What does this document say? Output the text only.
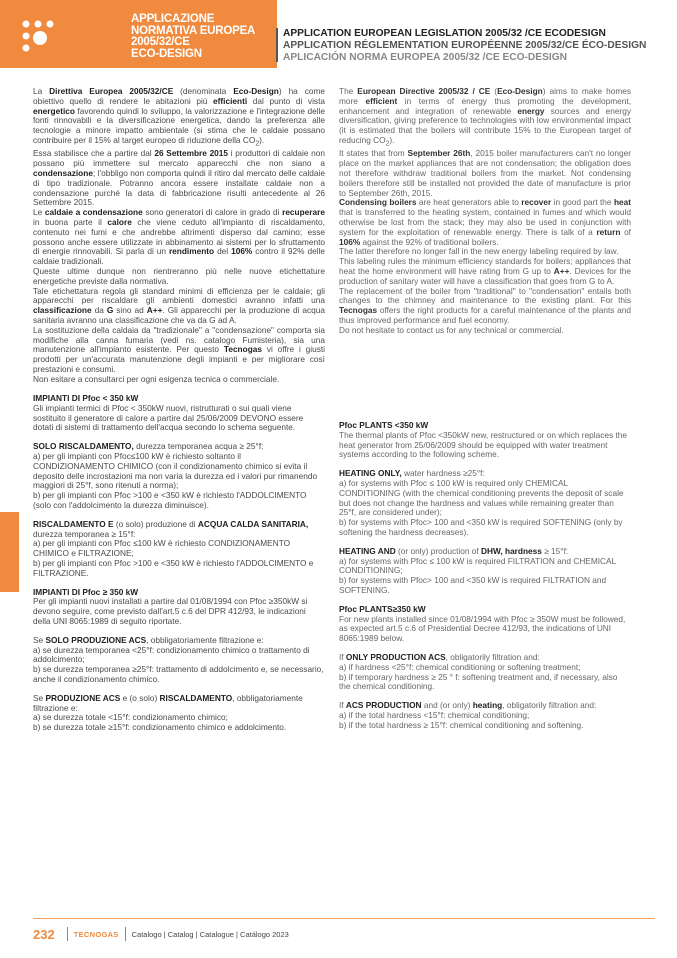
APPLICAZIONE
NORMATIVA EUROPEA
2005/32/CE
ECO-DESIGN
APPLICATION EUROPEAN LEGISLATION 2005/32 /CE ECODESIGN
APPLICATION RÉGLEMENTATION EUROPÉENNE 2005/32/CE ÉCO-DESIGN
APLICACIÓN NORMA EUROPEA 2005/32 /CE ECO-DESIGN

La Direttiva Europea 2005/32/CE (denominata Eco-Design) ha come obiettivo quello di rendere le abitazioni più efficienti dal punto di vista energetico favorendo quindi lo sviluppo, la valorizzazione e l'integrazione delle fonti rinnovabili e la diversificazione energetica, dando la preferenza alle tecnologie a minore impatto ambientale (si stima che le caldaie possano contribuire per il 15% al target europeo di riduzione della $CO_2$).

Essa stabilisce che a partire dal 26 Settembre 2015 i produttori di caldaie non possano più immettere sul mercato apparecchi che non siano a condensazione; l'obbligo non comporta quindi il ritiro dal mercato delle caldaie di tipo tradizionale. Potranno ancora essere installate caldaie non a condensazione purché la data di fabbricazione risulti antecedente al 26 Settembre 2015.

Le caldaie a condensazione sono generatori di calore in grado di recuperare in buona parte il calore che viene ceduto all'impianto di riscaldamento, contenuto nei fumi e che andrebbe altrimenti disperso dal camino; esse possono anche essere utilizzate in abbinamento ai sistemi per lo sfruttamento di energie rinnovabili. Si parla di un rendimento del 106% contro il 92% delle caldaie tradizionali.

Queste ultime dunque non rientreranno più nelle nuove etichettature energetiche previste dalla normativa.

Tale etichettatura regola gli standard minimi di efficienza per le caldaie; gli apparecchi per riscaldare gli ambienti domestici avranno infatti una classificazione da G sino ad A++. Gli apparecchi per la produzione di acqua sanitaria avranno una classificazione che va da G ad A.

La sostituzione della caldaia da "tradizionale" a "condensazione" comporta sia modifiche alla canna fumaria (vedi ns. catalogo Fumisteria), sia una manutenzione all'impianto esistente. Per questo Tecnogas vi offre i giusti prodotti per un'accurata manutenzione degli impianti e per migliorare così prestazioni e consumi.

Non esitare a consultarci per ogni esigenza tecnica o commerciale.

The European Directive 2005/32 / CE (Eco-Design) aims to make homes more efficient in terms of energy thus promoting the development, enhancement and integration of renewable energy sources and energy diversification, giving preference to technologies with low environmental impact (it is estimated that the boilers will contribute 15% to the European target of reducing $CO_2$).

It states that from September 26th, 2015 boiler manufacturers can't no longer place on the market appliances that are not condensation; the obligation does not therefore withdraw traditional boilers from the market. Not condensing boilers therefore still be installed not provided the date of manufacture is prior to September 26th, 2015.

Condensing boilers are heat generators able to recover in good part the heat that is transferred to the heating system, contained in fumes and which would otherwise be lost from the stack; they may also be used in conjunction with system for the exploitation of renewable energy. There is talk of a return of 106% against the 92% of traditional boilers.

The latter therefore no longer fall in the new energy labeling required by law.

This labeling rules the minimum efficiency standards for boilers; appliances that heat the home environment will have rating from G up to A++. Devices for the production of sanitary water will have a classification that goes from G to A.

The replacement of the boiler from "traditional" to "condensation" entails both changes to the chimney and maintenance to the existing plant. For this Tecnogas offers the right products for a careful maintenance of the plants and thus improved performance and fuel economy.

Do not hesitate to contact us for any technical or commercial.

IMPIANTI DI Pfoc < 350 kW
Gli impianti termici di Pfoc < 350kW nuovi, ristrutturati o sui quali viene sostituito il generatore di calore a partire dal 25/06/2009 DEVONO essere dotati di sistemi di trattamento dell'acqua secondo lo schema seguente.

SOLO RISCALDAMENTO, durezza temporanea acqua ≥ 25°f:
a) per gli impianti con Pfoc≤100 kW è richiesto soltanto il CONDIZIONAMENTO CHIMICO (con il condizionamento chimico si evita il deposito delle incrostazioni ma non varia la durezza ed i valori pur rimanendo maggiori di 25°f, sono ritenuti a norma);
b) per gli impianti con Pfoc >100 e <350 kW è richiesto l'ADDOLCIMENTO (solo con l'addolcimento la durezza diminuisce).

RISCALDAMENTO E (o solo) produzione di ACQUA CALDA SANITARIA, durezza temporanea ≥ 15°f:
a) per gli impianti con Pfoc ≤100 kW è richiesto CONDIZIONAMENTO CHIMICO e FILTRAZIONE;
b) per gli impianti con Pfoc >100 e <350 kW è richiesto l'ADDOLCIMENTO e FILTRAZIONE.

IMPIANTI DI Pfoc ≥ 350 kW
Per gli impianti nuovi installati a partire dal 01/08/1994 con Pfoc ≥350kW si devono seguire, come previsto dall'art.5 c.6 del DPR 412/93, le indicazioni della UNI 8065:1989 di seguito riportate.

Se SOLO PRODUZIONE ACS, obbligatoriamente filtrazione e:
a) se durezza temporanea <25°f: condizionamento chimico o trattamento di addolcimento;
b) se durezza temporanea ≥25°f: trattamento di addolcimento e, se necessario, anche il condizionamento chimico.

Se PRODUZIONE ACS e (o solo) RISCALDAMENTO, obbligatoriamente filtrazione e:
a) se durezza totale <15°f: condizionamento chimico;
b) se durezza totale ≥15°f: condizionamento chimico e addolcimento.

Pfoc PLANTS <350 kW
The thermal plants of Pfoc <350kW new, restructured or on which replaces the heat generator from 25/06/2009 should be equipped with water treatment systems according to the following scheme.

HEATING ONLY, water hardness ≥25°f:
a) for systems with Pfoc ≤ 100 kW is required only CHEMICAL CONDITIONING (with the chemical conditioning prevents the deposit of scale but does not change the hardness and values while remaining greater than 25°f, are considered under);
b) for systems with Pfoc> 100 and <350 kW is required SOFTENING (only by softening the hardness decreases).

HEATING AND (or only) production of DHW, hardness ≥ 15°f:
a) for systems with Pfoc ≤ 100 kW is required FILTRATION and CHEMICAL CONDITIONING;
b) for systems with Pfoc> 100 and <350 kW is required FILTRATION and SOFTENING.

Pfoc PLANTS≥350 kW
For new plants installed since 01/08/1994 with Pfoc ≥ 350W must be followed, as expected art.5 c.6 of Presidential Decree 412/93, the indications of UNI 8065:1989 below.

If ONLY PRODUCTION ACS, obligatorily filtration and:
a) if hardness <25°f: chemical conditioning or softening treatment;
b) if temporary hardness ≥ 25 ° f: softening treatment and, if necessary, also the chemical conditioning.

If ACS PRODUCTION and (or only) heating, obligatorily filtration and:
a) if the total hardness <15°f: chemical conditioning;
b) if the total hardness ≥ 15°f: chemical conditioning and softening.

232	TECNOGAS Catalogo | Catalog | Catalogue | Catálogo 2023
